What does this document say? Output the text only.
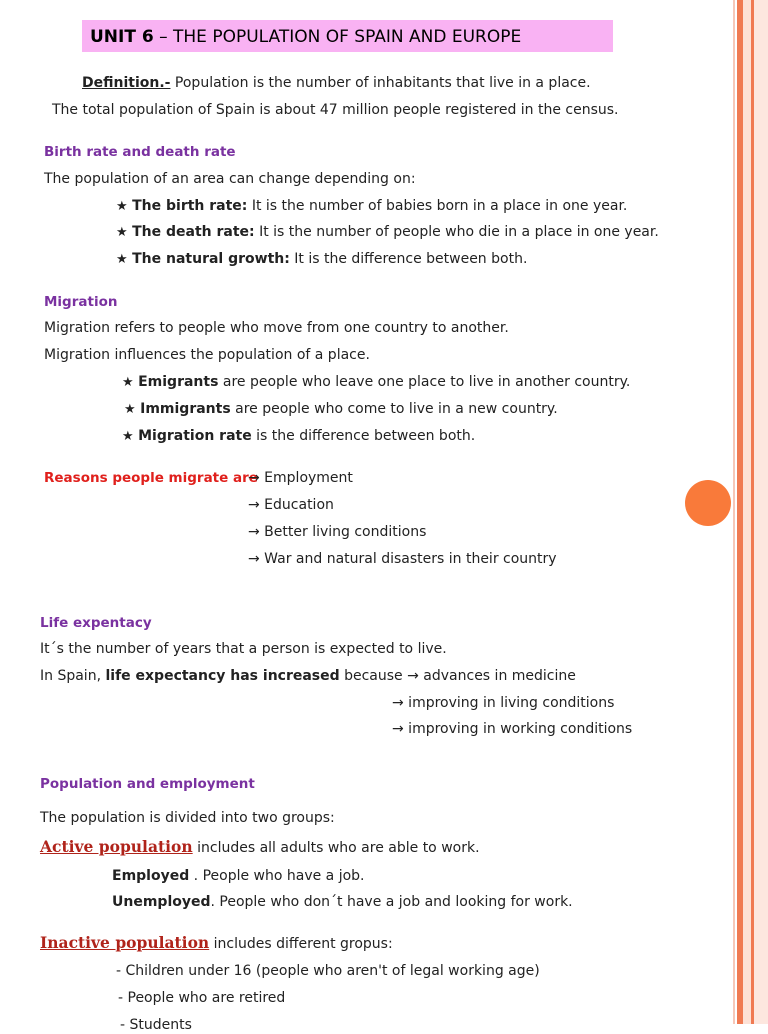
UNIT 6 – THE POPULATION OF SPAIN AND EUROPE
Definition.- Population is the number of inhabitants that live in a place.
The total population of Spain is about 47 million people registered in the census.
Birth rate and death rate
The population of an area can change depending on:
★ The birth rate: It is the number of babies born in a place in one year.
★ The death rate: It is the number of people who die in a place in one year.
★ The natural growth: It is the difference between both.
Migration
Migration refers to people who move from one country to another.
Migration influences the population of a place.
★ Emigrants are people who leave one place to live in another country.
★ Immigrants are people who come to live in a new country.
★ Migration rate is the difference between both.
Reasons people migrate are
→ Employment
→ Education
→ Better living conditions
→ War and natural disasters in their country
Life expentacy
It´s the number of years that a person is expected to live.
In Spain, life expectancy has increased because → advances in medicine
→ improving in living conditions
→ improving in working conditions
Population and employment
The population is divided into two groups:
Active population includes all adults who are able to work.
Employed . People who have a job.
Unemployed. People who don´t have a job and looking for work.
Inactive population includes different gropus:
- Children under 16 (people who aren't of legal working age)
- People who are retired
- Students
